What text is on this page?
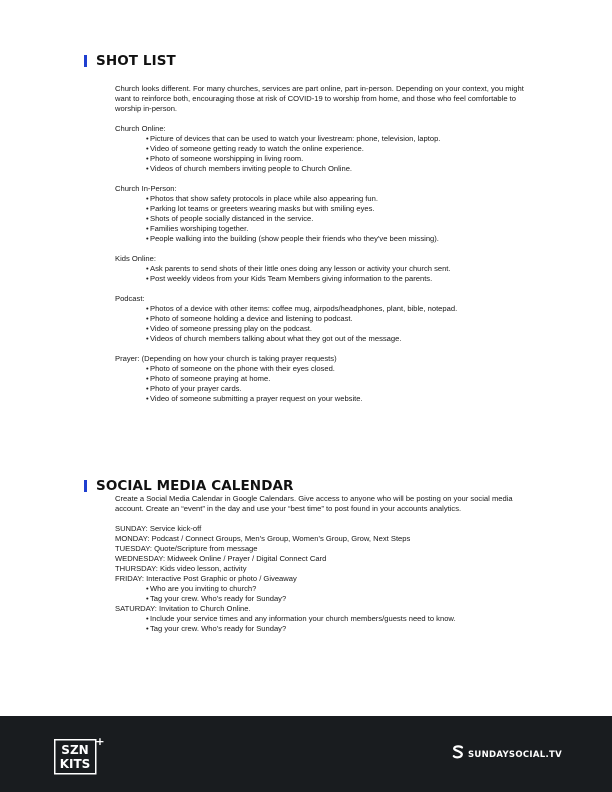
SHOT LIST

Church looks different. For many churches, services are part online, part in-person. Depending on your context, you might want to reinforce both, encouraging those at risk of COVID-19 to worship from home, and those who feel comfortable to worship in-person.

Church Online:

• Picture of devices that can be used to watch your livestream: phone, television, laptop.
• Video of someone getting ready to watch the online experience.
• Photo of someone worshipping in living room.
• Videos of church members inviting people to Church Online.

Church In-Person:

• Photos that show safety protocols in place while also appearing fun.
• Parking lot teams or greeters wearing masks but with smiling eyes.
• Shots of people socially distanced in the service.
• Families worshiping together.
• People walking into the building (show people their friends who they've been missing).

Kids Online:

• Ask parents to send shots of their little ones doing any lesson or activity your church sent.
• Post weekly videos from your Kids Team Members giving information to the parents.

Podcast:

• Photos of a device with other items: coffee mug, airpods/headphones, plant, bible, notepad.
• Photo of someone holding a device and listening to podcast.
• Video of someone pressing play on the podcast.
• Videos of church members talking about what they got out of the message.

Prayer: (Depending on how your church is taking prayer requests)

• Photo of someone on the phone with their eyes closed.
• Photo of someone praying at home.
• Photo of your prayer cards.
• Video of someone submitting a prayer request on your website.
SOCIAL MEDIA CALENDAR

Create a Social Media Calendar in Google Calendars. Give access to anyone who will be posting on your social media account. Create an “event” in the day and use your “best time” to post found in your accounts analytics.

SUNDAY: Service kick-off

MONDAY: Podcast / Connect Groups, Men’s Group, Women’s Group, Grow, Next Steps

TUESDAY: Quote/Scripture from message

WEDNESDAY: Midweek Online / Prayer / Digital Connect Card

THURSDAY: Kids video lesson, activity

FRIDAY: Interactive Post Graphic or photo / Giveaway

• Who are you inviting to church?
• Tag your crew. Who’s ready for Sunday?

SATURDAY: Invitation to Church Online.

• Include your service times and any information your church members/guests need to know.
• Tag your crew. Who’s ready for Sunday?
SZN
KITS
+
SUNDAYSOCIAL.TV
